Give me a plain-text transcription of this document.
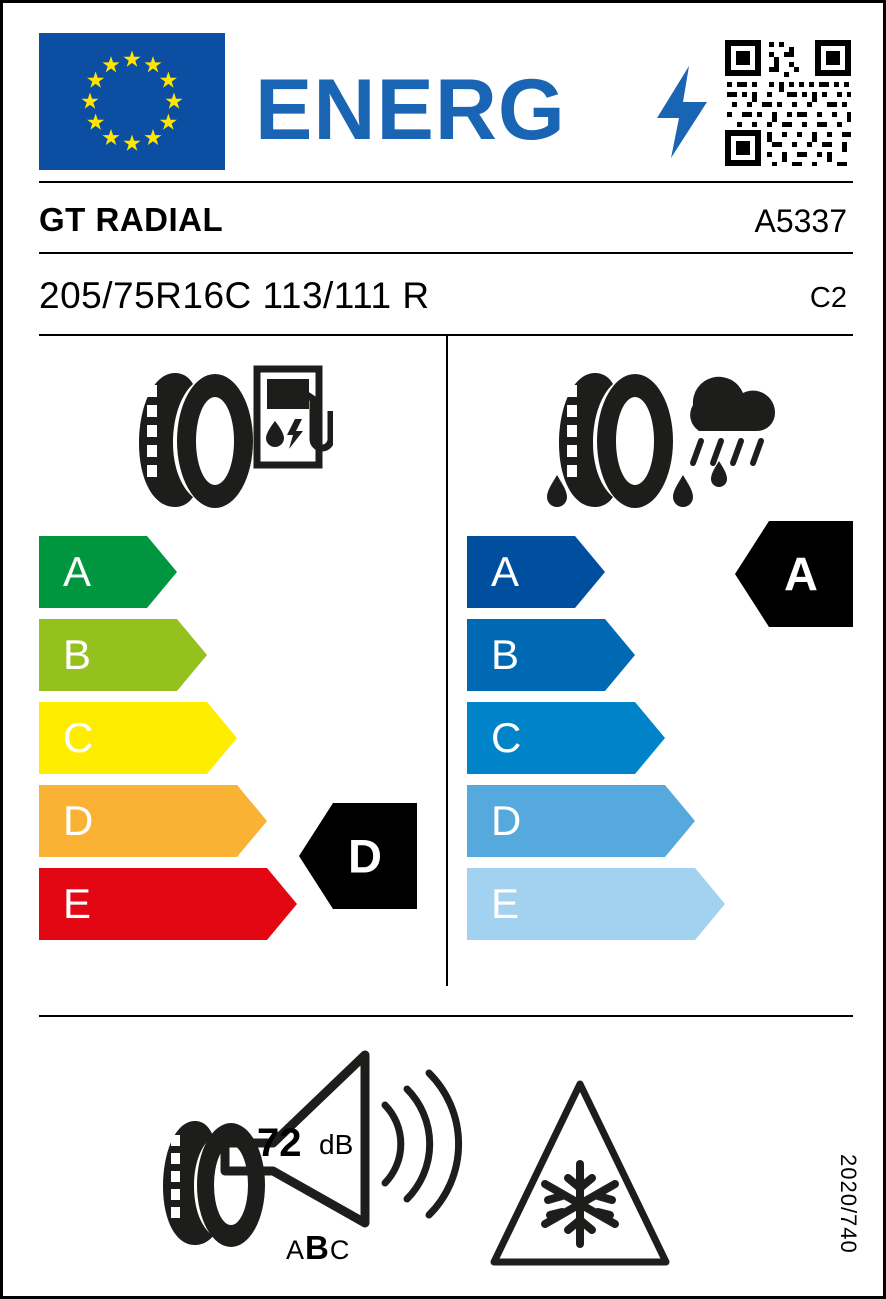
ENERG
GT RADIAL	A5337
205/75R16C 113/111 R	C2
A
B
C
D
E
D
A
B
C
D
E
A
72 dB
ABC	2020/740
